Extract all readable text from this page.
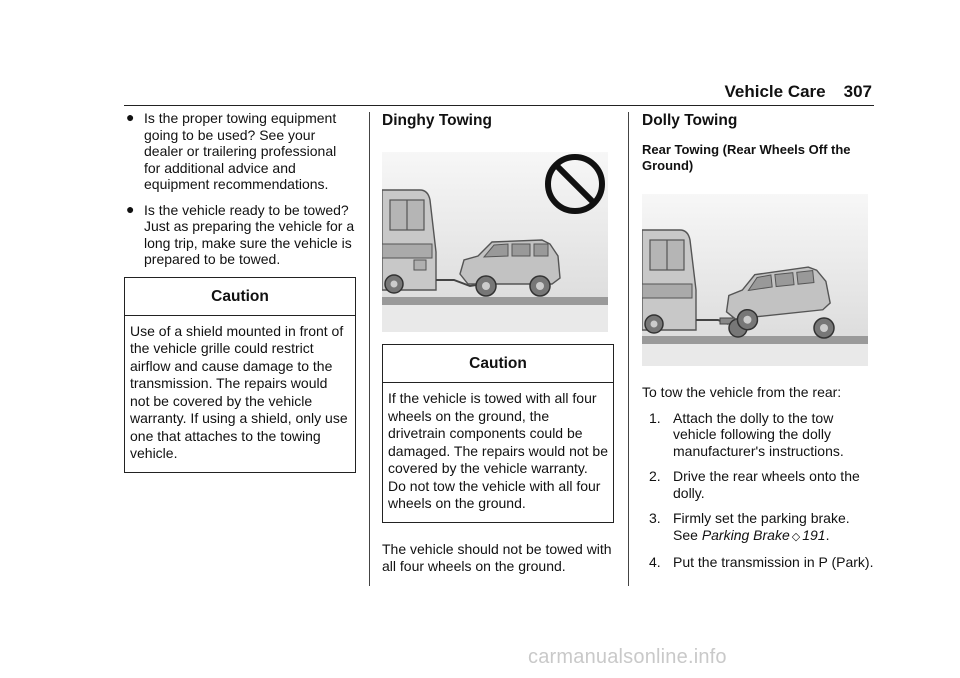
Vehicle Care 307
● Is the proper towing equipment going to be used? See your dealer or trailering professional for additional advice and equipment recommendations.
● Is the vehicle ready to be towed? Just as preparing the vehicle for a long trip, make sure the vehicle is prepared to be towed.
Caution
Use of a shield mounted in front of the vehicle grille could restrict airflow and cause damage to the transmission. The repairs would not be covered by the vehicle warranty. If using a shield, only use one that attaches to the towing vehicle.
Dinghy Towing
Caution
If the vehicle is towed with all four wheels on the ground, the drivetrain components could be damaged. The repairs would not be covered by the vehicle warranty. Do not tow the vehicle with all four wheels on the ground.
The vehicle should not be towed with all four wheels on the ground.
Dolly Towing
Rear Towing (Rear Wheels Off the Ground)
To tow the vehicle from the rear:
1. Attach the dolly to the tow vehicle following the dolly manufacturer's instructions.
2. Drive the rear wheels onto the dolly.
3. Firmly set the parking brake.
See Parking Brake ◇ 191.
4. Put the transmission in P (Park).
carmanualsonline.info
